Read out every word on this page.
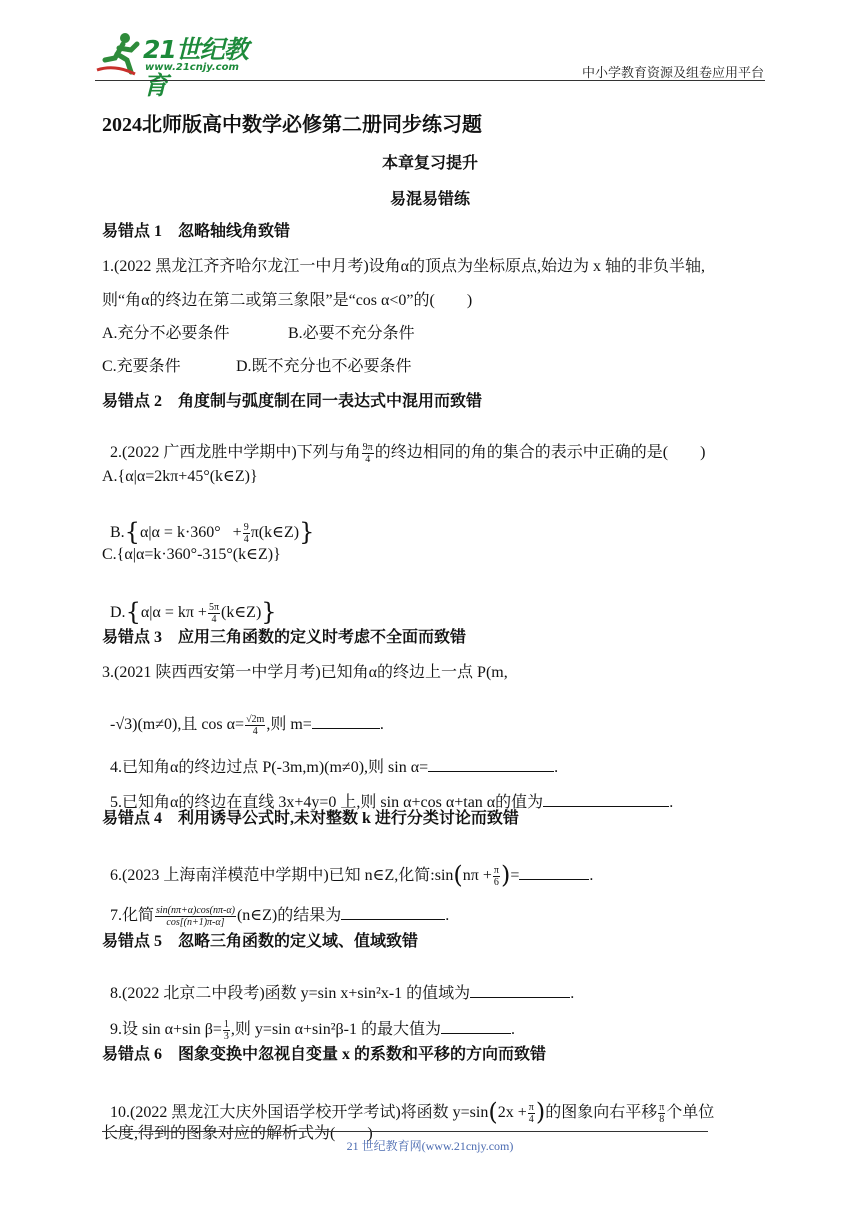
21世纪教育
www.21cnjy.com	中小学教育资源及组卷应用平台
2024北师版高中数学必修第二册同步练习题
本章复习提升
易混易错练
易错点 1    忽略轴线角致错
1.(2022 黑龙江齐齐哈尔龙江一中月考)设角α的顶点为坐标原点,始边为 x 轴的非负半轴,
则“角α的终边在第二或第三象限”是“cos α<0”的(        )
A.充分不必要条件	B.必要不充分条件
C.充要条件	D.既不充分也不必要条件
易错点 2    角度制与弧度制在同一表达式中混用而致错

2.(2022 广西龙胜中学期中)下列与角 $\frac{9\pi}{4}$ 的终边相同的角的集合的表示中正确的是(        )

A.{α|α=2kπ+45°(k∈Z)}

$B.\{\alpha|\alpha = k\cdot 360^\circ + \frac{9}{4}$ π(k∈Z)}

C.{α|α=k·360°-315°(k∈Z)}

$D.\{\alpha|\alpha = k\pi + \frac{5\pi}{4}$ (k∈Z)}

易错点 3    应用三角函数的定义时考虑不全面而致错
3.(2021 陕西西安第一中学月考)已知角α的终边上一点 P(m,

-√3)(m≠0),且 $\cos \alpha= \frac{√2m}{4}$ ,则 m=	.

4.已知角α的终边过点 P(-3m,m)(m≠0),则 sin α=	.

5.已知角α的终边在直线 3x+4y=0 上,则 sin α+cos α+tan α的值为	.

易错点 4    利用诱导公式时,未对整数 k 进行分类讨论而致错

6.(2023 上海南洋模范中学期中)已知 n∈Z,化简:sin(nπ + $\frac{\pi}{6}$ )=	.

7.化简 $\frac{\sin(n\pi+\alpha)\cos(n\pi-\alpha)}{\cos[(n+1)\pi-\alpha]}$ (n∈Z)的结果为	.

易错点 5    忽略三角函数的定义域、值域致错

8.(2022 北京二中段考)函数 y=sin x+sin²x-1 的值域为	.

9.设 sin α+sin $\beta= \frac{1}{3}$ ,则 y=sin α+sin²β-1 的最大值为	.

易错点 6    图象变换中忽视自变量 x 的系数和平移的方向而致错

10.(2022 黑龙江大庆外国语学校开学考试)将函数 $y=\sin(2x + \frac{\pi}{4}$ )的图象向右平移 $\frac{\pi}{8}$ 个单位

长度,得到的图象对应的解析式为(        )
21 世纪教育网(www.21cnjy.com)
